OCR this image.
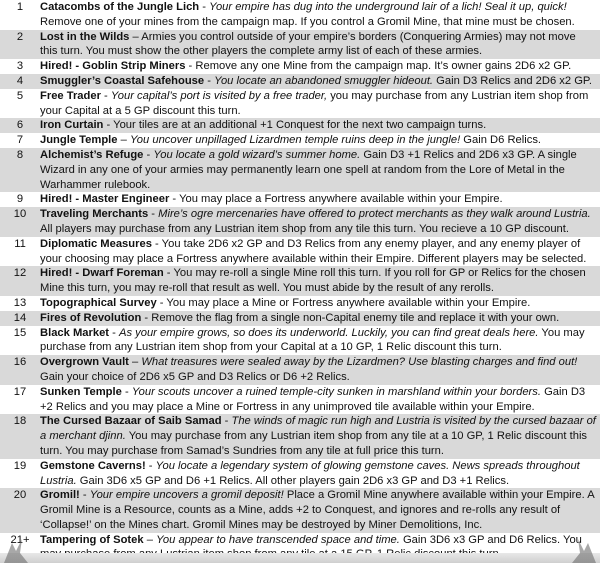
1	Catacombs of the Jungle Lich - Your empire has dug into the underground lair of a lich! Seal it up, quick! Remove one of your mines from the campaign map. If you control a Gromil Mine, that mine must be chosen.
2	Lost in the Wilds – Armies you control outside of your empire’s borders (Conquering Armies) may not move this turn. You must show the other players the complete army list of each of these armies.
3	Hired! - Goblin Strip Miners - Remove any one Mine from the campaign map. It’s owner gains 2D6 x2 GP.
4	Smuggler’s Coastal Safehouse - You locate an abandoned smuggler hideout. Gain D3 Relics and 2D6 x2 GP.
5	Free Trader - Your capital’s port is visited by a free trader, you may purchase from any Lustrian item shop from your Capital at a 5 GP discount this turn.
6	Iron Curtain - Your tiles are at an additional +1 Conquest for the next two campaign turns.
7	Jungle Temple – You uncover unpillaged Lizardmen temple ruins deep in the jungle! Gain D6 Relics.
8	Alchemist’s Refuge - You locate a gold wizard’s summer home. Gain D3 +1 Relics and 2D6 x3 GP. A single Wizard in any one of your armies may permanently learn one spell at random from the Lore of Metal in the Warhammer rulebook.
9	Hired! - Master Engineer - You may place a Fortress anywhere available within your Empire.
10	Traveling Merchants - Mire’s ogre mercenaries have offered to protect merchants as they walk around Lustria. All players may purchase from any Lustrian item shop from any tile this turn. You recieve a 10 GP discount.
11	Diplomatic Measures - You take 2D6 x2 GP and D3 Relics from any enemy player, and any enemy player of your choosing may place a Fortress anywhere available within their Empire. Different players may be selected.
12	Hired! - Dwarf Foreman - You may re-roll a single Mine roll this turn. If you roll for GP or Relics for the chosen Mine this turn, you may re-roll that result as well. You must abide by the result of any rerolls.
13	Topographical Survey - You may place a Mine or Fortress anywhere available within your Empire.
14	Fires of Revolution - Remove the flag from a single non-Capital enemy tile and replace it with your own.
15	Black Market - As your empire grows, so does its underworld. Luckily, you can find great deals here. You may purchase from any Lustrian item shop from your Capital at a 10 GP, 1 Relic discount this turn.
16	Overgrown Vault – What treasures were sealed away by the Lizardmen? Use blasting charges and find out! Gain your choice of 2D6 x5 GP and D3 Relics or D6 +2 Relics.
17	Sunken Temple - Your scouts uncover a ruined temple-city sunken in marshland within your borders. Gain D3 +2 Relics and you may place a Mine or Fortress in any unimproved tile available within your Empire.
18	The Cursed Bazaar of Saib Samad - The winds of magic run high and Lustria is visited by the cursed bazaar of a merchant djinn. You may purchase from any Lustrian item shop from any tile at a 10 GP, 1 Relic discount this turn. You may purchase from Samad’s Sundries from any tile at full price this turn.
19	Gemstone Caverns! - You locate a legendary system of glowing gemstone caves. News spreads throughout Lustria. Gain 3D6 x5 GP and D6 +1 Relics. All other players gain 2D6 x3 GP and D3 +1 Relics.
20	Gromil! - Your empire uncovers a gromil deposit! Place a Gromil Mine anywhere available within your Empire. A Gromil Mine is a Resource, counts as a Mine, adds +2 to Conquest, and ignores and re-rolls any result of ‘Collapse!’ on the Mines chart. Gromil Mines may be destroyed by Miner Demolitions, Inc.
21+ Tampering of Sotek – You appear to have transcended space and time. Gain 3D6 x3 GP and D6 Relics. You
